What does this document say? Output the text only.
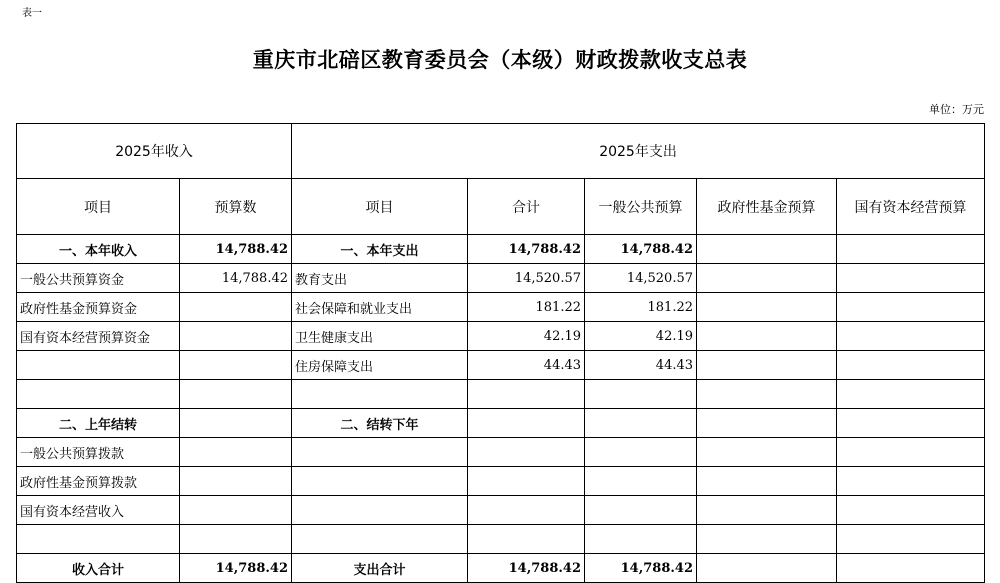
表一
重庆市北碚区教育委员会（本级）财政拨款收支总表
单位：万元
2025年收入		2025年支出				
项目	预算数	项目	合计	一般公共预算	政府性基金预算	国有资本经营预算
一、本年收入	14,788.42	一、本年支出	14,788.42	14,788.42		
一般公共预算资金	14,788.42	教育支出	14,520.57	14,520.57		
政府性基金预算资金		社会保障和就业支出	181.22	181.22		
国有资本经营预算资金		卫生健康支出	42.19	42.19		
		住房保障支出	44.43	44.43		

二、上年结转		二、结转下年				
一般公共预算拨款						
政府性基金预算拨款						
国有资本经营收入						

收入合计	14,788.42	支出合计	14,788.42	14,788.42		
